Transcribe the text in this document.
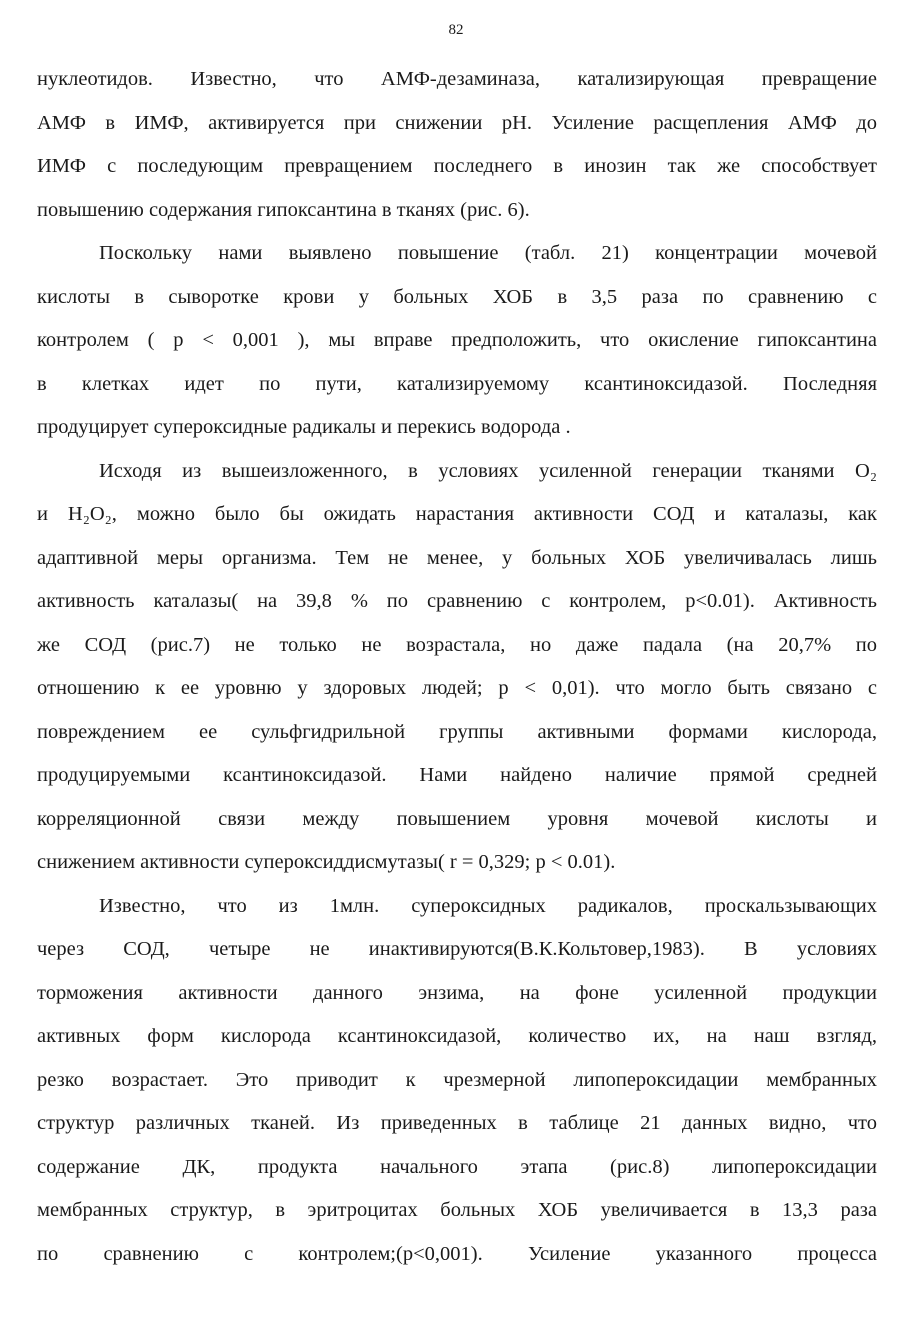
82
нуклеотидов. Известно, что АМФ-дезаминаза, катализирующая превращение
АМФ в ИМФ, активируется при снижении рН. Усиление расщепления АМФ до
ИМФ с последующим превращением последнего в инозин так же способствует
повышению содержания гипоксантина в тканях (рис. 6).
Поскольку нами выявлено повышение (табл. 21) концентрации мочевой
кислоты в сыворотке крови у больных ХОБ в 3,5 раза по сравнению с
контролем ( р < 0,001 ), мы вправе предположить, что окисление гипоксантина
в клетках идет по пути, катализируемому ксантиноксидазой. Последняя
продуцирует супероксидные радикалы и перекись водорода .
Исходя из вышеизложенного, в условиях усиленной генерации тканями O₂
и H₂O₂, можно было бы ожидать нарастания активности СОД и каталазы, как
адаптивной меры организма. Тем не менее, у больных ХОБ увеличивалась лишь
активность каталазы( на 39,8 % по сравнению с контролем, p<0.01). Активность
же СОД (рис.7) не только не возрастала, но даже падала (на 20,7% по
отношению к ее уровню у здоровых людей; р < 0,01). что могло быть связано с
повреждением ее сульфгидрильной группы активными формами кислорода,
продуцируемыми ксантиноксидазой. Нами найдено наличие прямой средней
корреляционной связи между повышением уровня мочевой кислоты и
снижением активности супероксиддисмутазы( r = 0,329; р < 0.01).
Известно, что из 1млн. супероксидных радикалов, проскальзывающих
через СОД, четыре не инактивируются(В.К.Кольтовер,1983). В условиях
торможения активности данного энзима, на фоне усиленной продукции
активных форм кислорода ксантиноксидазой, количество их, на наш взгляд,
резко возрастает. Это приводит к чрезмерной липопероксидации мембранных
структур различных тканей. Из приведенных в таблице 21 данных видно, что
содержание ДК, продукта начального этапа (рис.8) липопероксидации
мембранных структур, в эритроцитах больных ХОБ увеличивается в 13,3 раза
по сравнению с контролем;(р<0,001). Усиление указанного процесса
